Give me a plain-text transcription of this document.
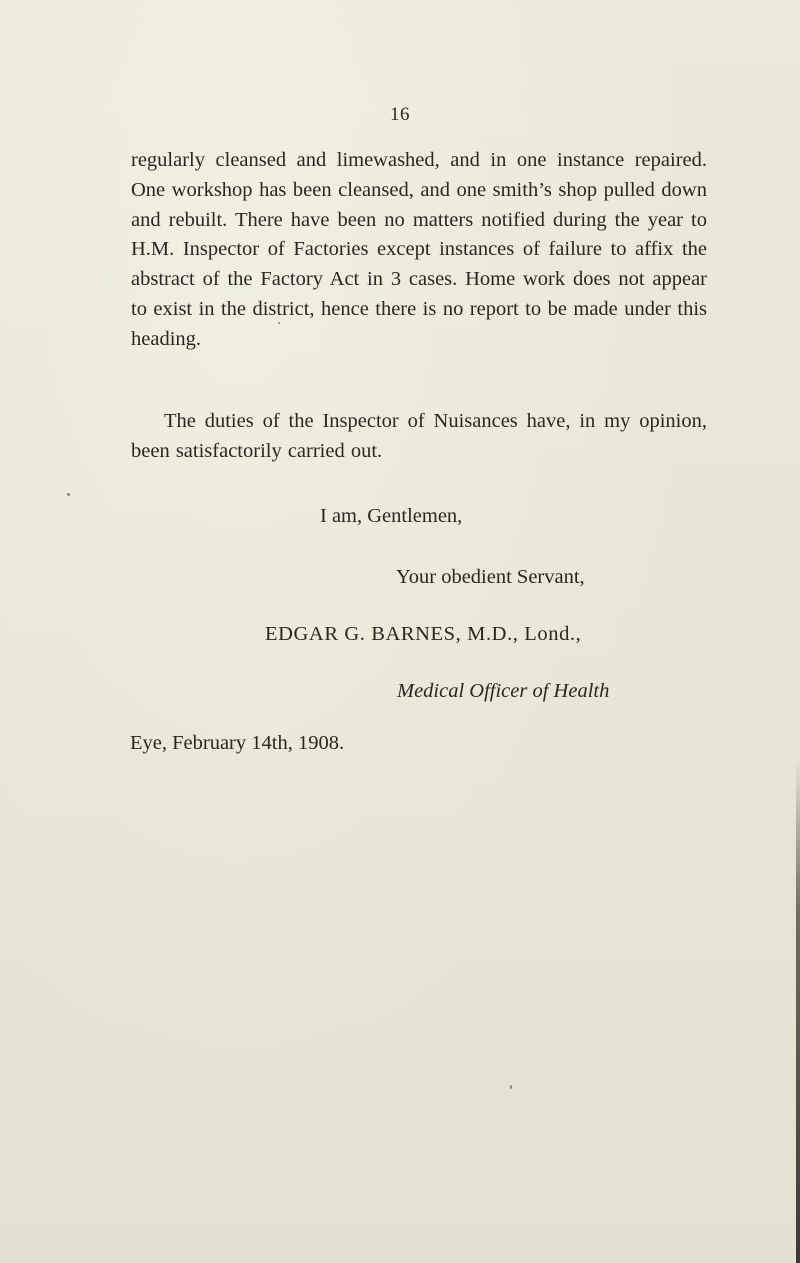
16

regularly cleansed and limewashed, and in one instance repaired. One workshop has been cleansed, and one smith’s shop pulled down and rebuilt. There have been no matters notified during the year to H.M. Inspector of Factories except instances of failure to affix the abstract of the Factory Act in 3 cases. Home work does not appear to exist in the district, hence there is no report to be made under this heading.

The duties of the Inspector of Nuisances have, in my opinion, been satisfactorily carried out.

I am, Gentlemen,
Your obedient Servant,
EDGAR G. BARNES, M.D., Lond.,
Medical Officer of Health
Eye, February 14th, 1908.
